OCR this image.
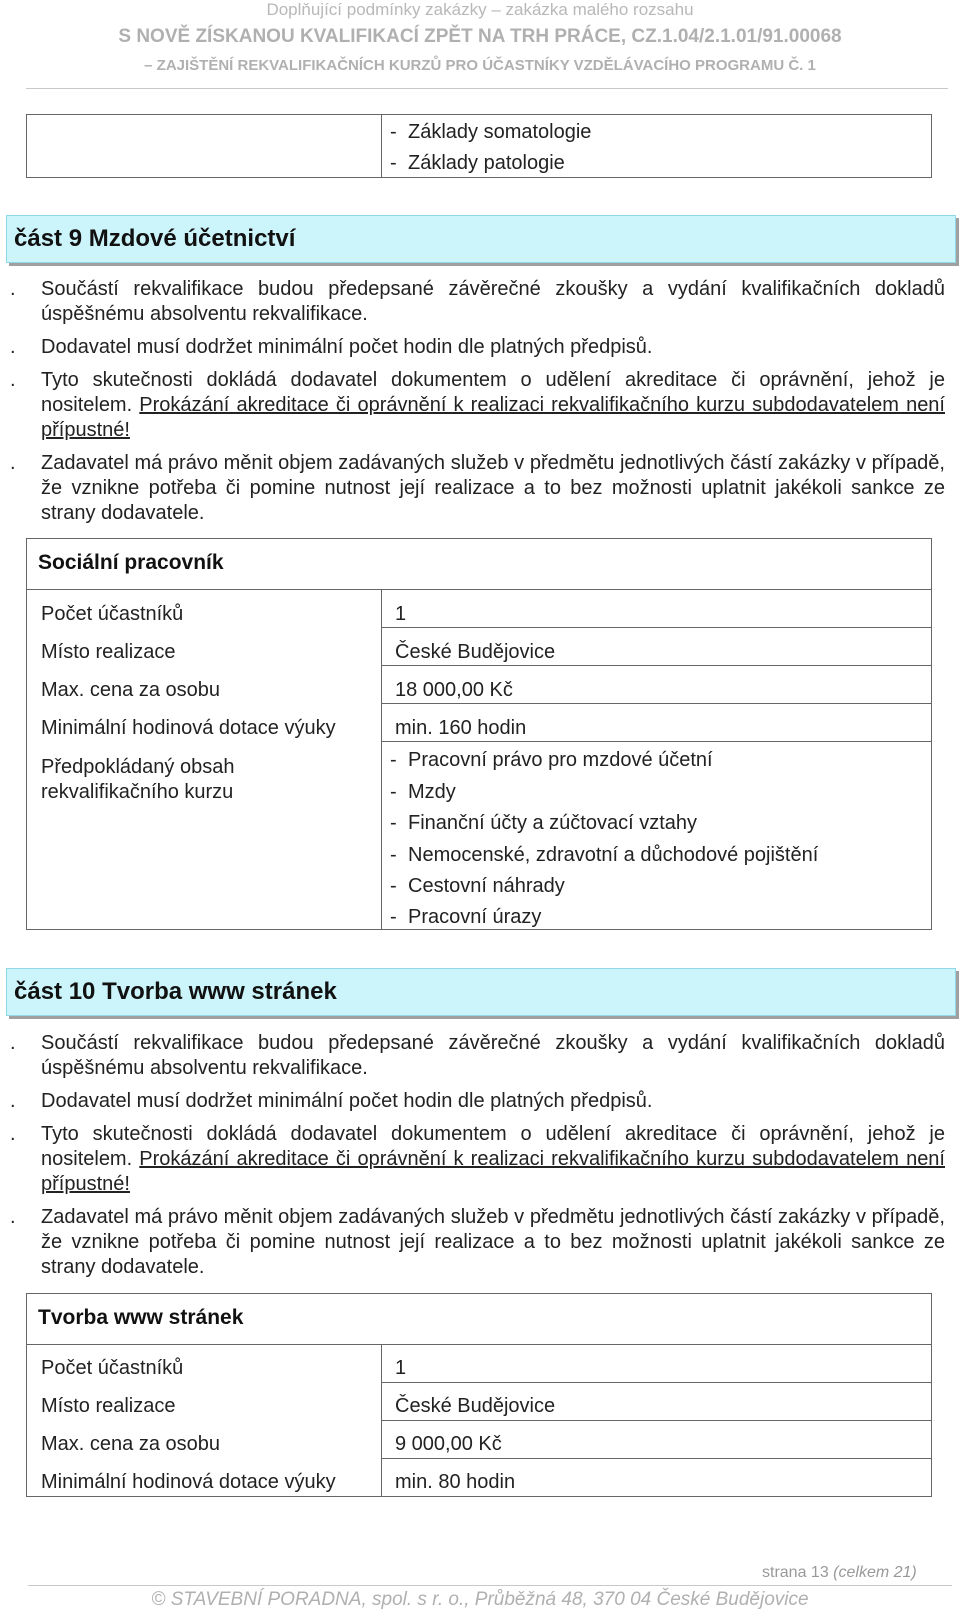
Doplňující podmínky zakázky – zakázka malého rozsahu
S NOVĚ ZÍSKANOU KVALIFIKACÍ ZPĚT NA TRH PRÁCE, CZ.1.04/2.1.01/91.00068
– ZAJIŠTĚNÍ REKVALIFIKAČNÍCH KURZŮ PRO ÚČASTNÍKY VZDĚLÁVACÍHO PROGRAMU Č. 1
- Základy somatologie
- Základy patologie
část 9 Mzdové účetnictví
. Součástí rekvalifikace budou předepsané závěrečné zkoušky a vydání kvalifikačních dokladů úspěšnému absolventu rekvalifikace.
. Dodavatel musí dodržet minimální počet hodin dle platných předpisů.
. Tyto skutečnosti dokládá dodavatel dokumentem o udělení akreditace či oprávnění, jehož je nositelem. Prokázání akreditace či oprávnění k realizaci rekvalifikačního kurzu subdodavatelem není přípustné!
. Zadavatel má právo měnit objem zadávaných služeb v předmětu jednotlivých částí zakázky v případě, že vznikne potřeba či pomine nutnost její realizace a to bez možnosti uplatnit jakékoli sankce ze strany dodavatele.
Sociální pracovník
Počet účastníků	1
Místo realizace	České Budějovice
Max. cena za osobu	18 000,00 Kč
Minimální hodinová dotace výuky	min. 160 hodin
Předpokládaný obsah rekvalifikačního kurzu
- Pracovní právo pro mzdové účetní
- Mzdy
- Finanční účty a zúčtovací vztahy
- Nemocenské, zdravotní a důchodové pojištění
- Cestovní náhrady
- Pracovní úrazy
část 10 Tvorba www stránek
. Součástí rekvalifikace budou předepsané závěrečné zkoušky a vydání kvalifikačních dokladů úspěšnému absolventu rekvalifikace.
. Dodavatel musí dodržet minimální počet hodin dle platných předpisů.
. Tyto skutečnosti dokládá dodavatel dokumentem o udělení akreditace či oprávnění, jehož je nositelem. Prokázání akreditace či oprávnění k realizaci rekvalifikačního kurzu subdodavatelem není přípustné!
. Zadavatel má právo měnit objem zadávaných služeb v předmětu jednotlivých částí zakázky v případě, že vznikne potřeba či pomine nutnost její realizace a to bez možnosti uplatnit jakékoli sankce ze strany dodavatele.
Tvorba www stránek
Počet účastníků	1
Místo realizace	České Budějovice
Max. cena za osobu	9 000,00 Kč
Minimální hodinová dotace výuky	min. 80 hodin
strana 13 (celkem 21)
© STAVEBNÍ PORADNA, spol. s r. o., Průběžná 48, 370 04 České Budějovice
